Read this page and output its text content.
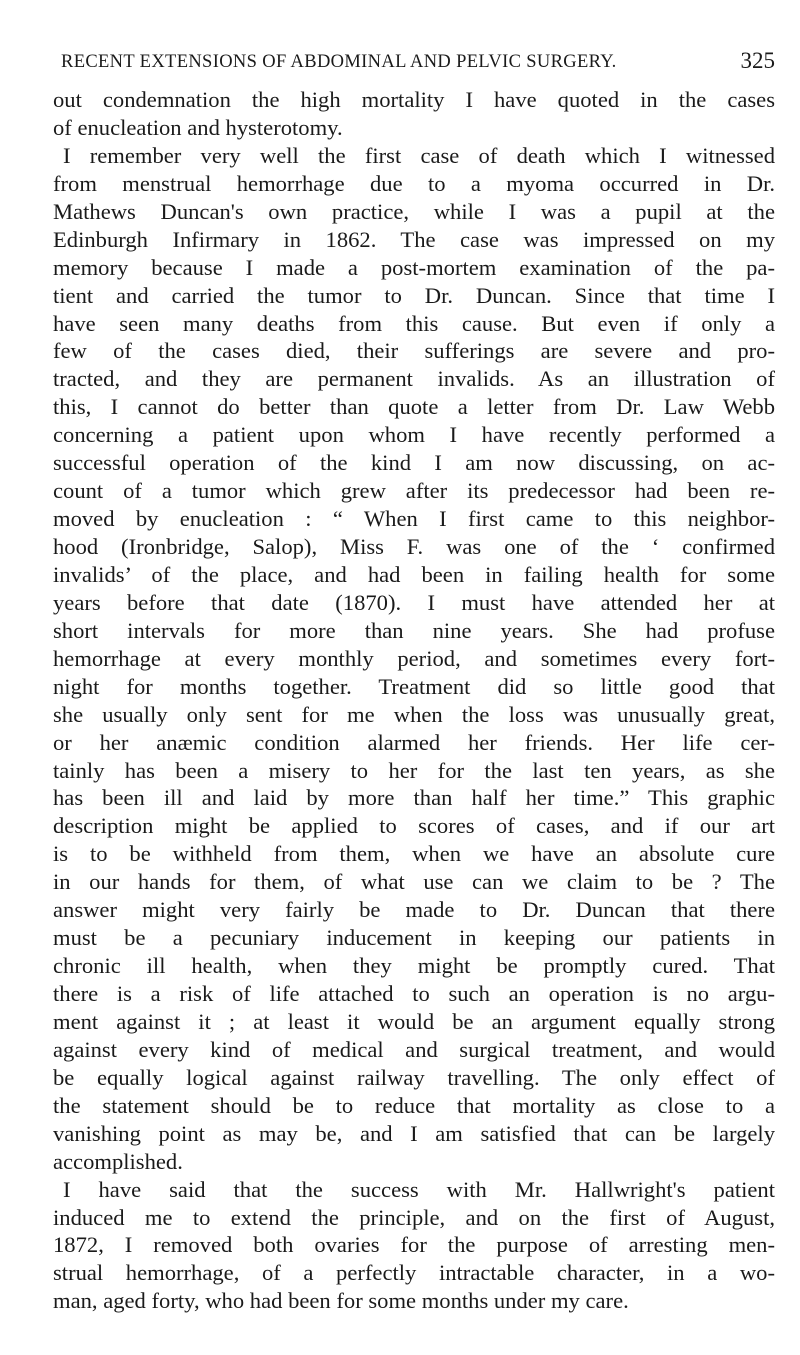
RECENT EXTENSIONS OF ABDOMINAL AND PELVIC SURGERY.	325
out condemnation the high mortality I have quoted in the cases
of enucleation and hysterotomy.
I remember very well the first case of death which I witnessed
from menstrual hemorrhage due to a myoma occurred in Dr.
Mathews Duncan's own practice, while I was a pupil at the
Edinburgh Infirmary in 1862. The case was impressed on my
memory because I made a post-mortem examination of the pa-
tient and carried the tumor to Dr. Duncan. Since that time I
have seen many deaths from this cause. But even if only a
few of the cases died, their sufferings are severe and pro-
tracted, and they are permanent invalids. As an illustration of
this, I cannot do better than quote a letter from Dr. Law Webb
concerning a patient upon whom I have recently performed a
successful operation of the kind I am now discussing, on ac-
count of a tumor which grew after its predecessor had been re-
moved by enucleation : “ When I first came to this neighbor-
hood (Ironbridge, Salop), Miss F. was one of the ‘ confirmed
invalids’ of the place, and had been in failing health for some
years before that date (1870). I must have attended her at
short intervals for more than nine years. She had profuse
hemorrhage at every monthly period, and sometimes every fort-
night for months together. Treatment did so little good that
she usually only sent for me when the loss was unusually great,
or her anæmic condition alarmed her friends. Her life cer-
tainly has been a misery to her for the last ten years, as she
has been ill and laid by more than half her time.” This graphic
description might be applied to scores of cases, and if our art
is to be withheld from them, when we have an absolute cure
in our hands for them, of what use can we claim to be ? The
answer might very fairly be made to Dr. Duncan that there
must be a pecuniary inducement in keeping our patients in
chronic ill health, when they might be promptly cured. That
there is a risk of life attached to such an operation is no argu-
ment against it ; at least it would be an argument equally strong
against every kind of medical and surgical treatment, and would
be equally logical against railway travelling. The only effect of
the statement should be to reduce that mortality as close to a
vanishing point as may be, and I am satisfied that can be largely
accomplished.
I have said that the success with Mr. Hallwright's patient
induced me to extend the principle, and on the first of August,
1872, I removed both ovaries for the purpose of arresting men-
strual hemorrhage, of a perfectly intractable character, in a wo-
man, aged forty, who had been for some months under my care.
